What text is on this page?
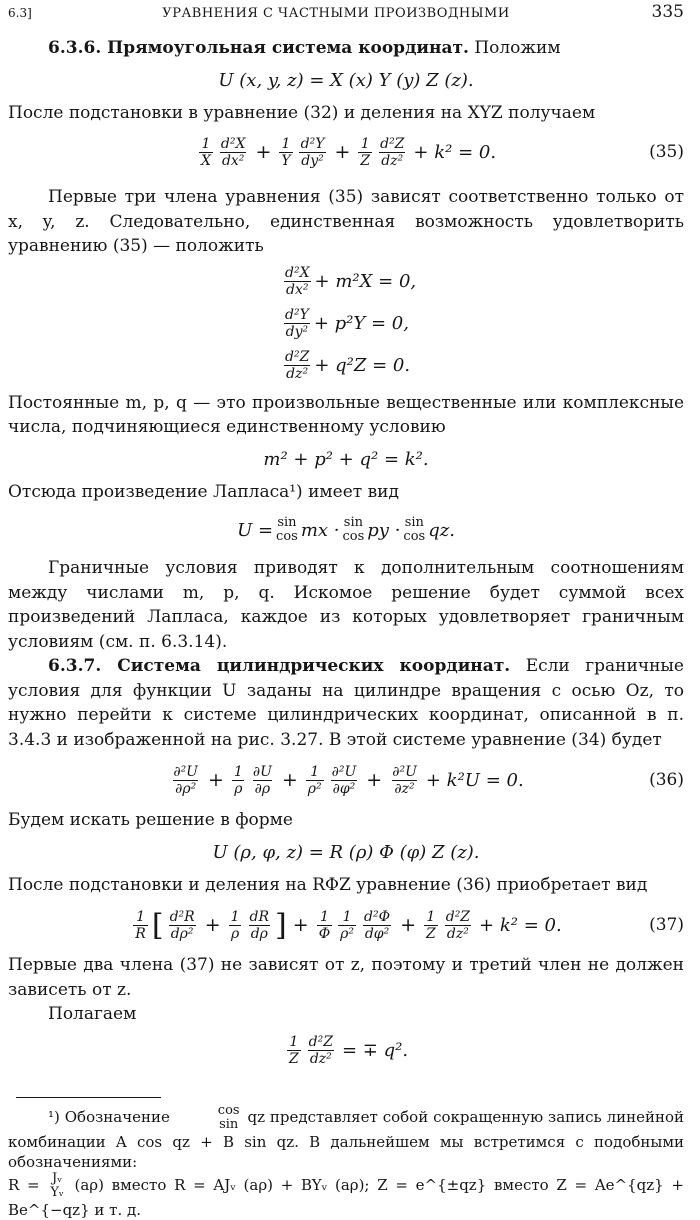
6.3]	УРАВНЕНИЯ С ЧАСТНЫМИ ПРОИЗВОДНЫМИ	335

6.3.6. Прямоугольная система координат. Положим

U (x, y, z) = X (x) Y (y) Z (z).

После подстановки в уравнение (32) и деления на XYZ получаем

$\frac{1}{X} \frac{\text{d²X}}{\text{dx²}} + \frac{1}{Y} \frac{\text{d²Y}}{\text{dy²}} + \frac{1}{Z} \frac{\text{d²Z}}{\text{dz²}} + k^2 = 0$.	(35)

Первые три члена уравнения (35) зависят соответственно только от x, y, z. Следовательно, единственная возможность удовлетворить уравнению (35) — положить

$\frac{\text{d²X}}{\text{dx²}} + m^2X = 0$,
$\frac{\text{d²Y}}{\text{dy²}} + p^2Y = 0$,
$\frac{\text{d²Z}}{\text{dz²}} + q^2Z = 0$.

Постоянные m, p, q — это произвольные вещественные или комплексные числа, подчиняющиеся единственному условию

m² + p² + q² = k².

Отсюда произведение Лапласа¹) имеет вид

U = sin
cos mx · sin
cos py · sin
cos qz.

Граничные условия приводят к дополнительным соотношениям между числами m, p, q. Искомое решение будет суммой всех произведений Лапласа, каждое из которых удовлетворяет граничным условиям (см. п. 6.3.14).

6.3.7. Система цилиндрических координат. Если граничные условия для функции U заданы на цилиндре вращения с осью Oz, то нужно перейти к системе цилиндрических координат, описанной в п. 3.4.3 и изображенной на рис. 3.27. В этой системе уравнение (34) будет

$\frac{\text{∂²U}}{\text{∂ρ²}} + \frac{1}{\rho} \frac{\partial U}{\partial\rho} + \frac{1}{\text{ρ²}} \frac{\text{∂²U}}{\text{∂φ²}} + \frac{\text{∂²U}}{\text{∂z²}} + k^2U = 0$.	(36)

Будем искать решение в форме

U (ρ, φ, z) = R (ρ) Φ (φ) Z (z).

После подстановки и деления на RΦZ уравнение (36) приобретает вид

$\frac{1}{R}$ [ $\frac{\text{d²R}}{\text{dρ²}} + \frac{1}{\rho} \frac{dR}{d\rho}$ ] + $\frac{1}{\Phi} \frac{1}{\text{ρ²}} \frac{\text{d²Φ}}{\text{dφ²}} + \frac{1}{Z} \frac{\text{d²Z}}{\text{dz²}} + k^2 = 0$.	(37)

Первые два члена (37) не зависят от z, поэтому и третий член не должен зависеть от z.

Полагаем

$\frac{1}{Z} \frac{\text{d²Z}}{\text{dz²}}$ = ∓ q².

¹) Обозначение	cos
sin qz представляет собой сокращенную запись линейной комбинации A cos qz + B sin qz. В дальнейшем мы встретимся с подобными обозначениями:

R = Jᵥ
Yᵥ (aρ) вместо R = AJᵥ (aρ) + BYᵥ (aρ); Z = e^{±qz} вместо Z = Ae^{qz} + Be^{−qz} и т. д.
